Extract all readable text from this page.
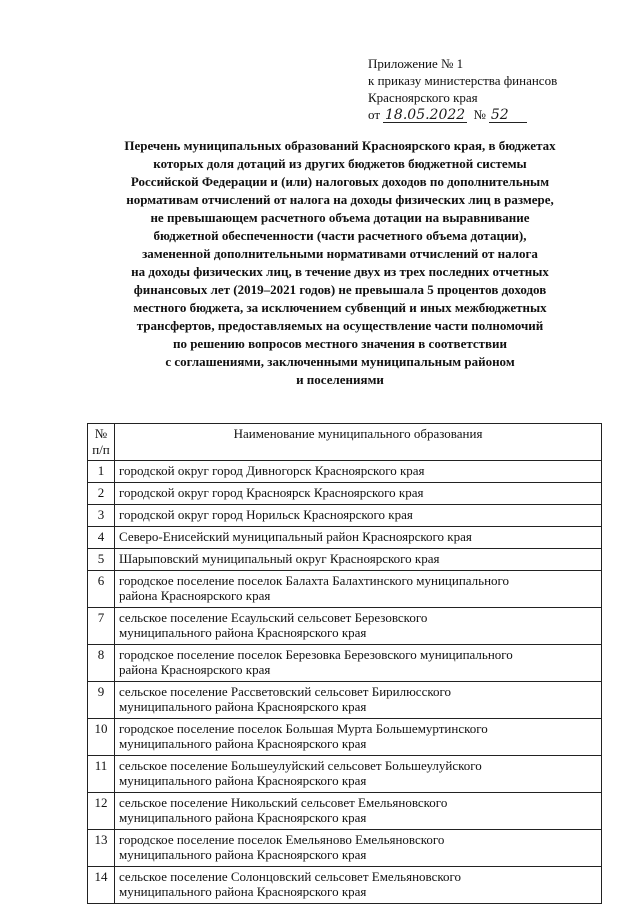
Приложение № 1
к приказу министерства финансов
Красноярского края
от 18.05.2022 № 52
Перечень муниципальных образований Красноярского края, в бюджетах
которых доля дотаций из других бюджетов бюджетной системы
Российской Федерации и (или) налоговых доходов по дополнительным
нормативам отчислений от налога на доходы физических лиц в размере,
не превышающем расчетного объема дотации на выравнивание
бюджетной обеспеченности (части расчетного объема дотации),
замененной дополнительными нормативами отчислений от налога
на доходы физических лиц, в течение двух из трех последних отчетных
финансовых лет (2019–2021 годов) не превышала 5 процентов доходов
местного бюджета, за исключением субвенций и иных межбюджетных
трансфертов, предоставляемых на осуществление части полномочий
по решению вопросов местного значения в соответствии
с соглашениями, заключенными муниципальным районом
и поселениями
№
п/п	Наименование муниципального образования
1	городской округ город Дивногорск Красноярского края

2	городской округ город Красноярск Красноярского края

3	городской округ город Норильск Красноярского края

4	Северо-Енисейский муниципальный район Красноярского края

5	Шарыповский муниципальный округ Красноярского края

6	городское поселение поселок Балахта Балахтинского муниципального
района Красноярского края

7	сельское поселение Есаульский сельсовет Березовского
муниципального района Красноярского края

8	городское поселение поселок Березовка Березовского муниципального
района Красноярского края

9	сельское поселение Рассветовский сельсовет Бирилюсского
муниципального района Красноярского края

10	городское поселение поселок Большая Мурта Большемуртинского
муниципального района Красноярского края

11	сельское поселение Большеулуйский сельсовет Большеулуйского
муниципального района Красноярского края

12	сельское поселение Никольский сельсовет Емельяновского
муниципального района Красноярского края

13	городское поселение поселок Емельяново Емельяновского
муниципального района Красноярского края

14	сельское поселение Солонцовский сельсовет Емельяновского
муниципального района Красноярского края
